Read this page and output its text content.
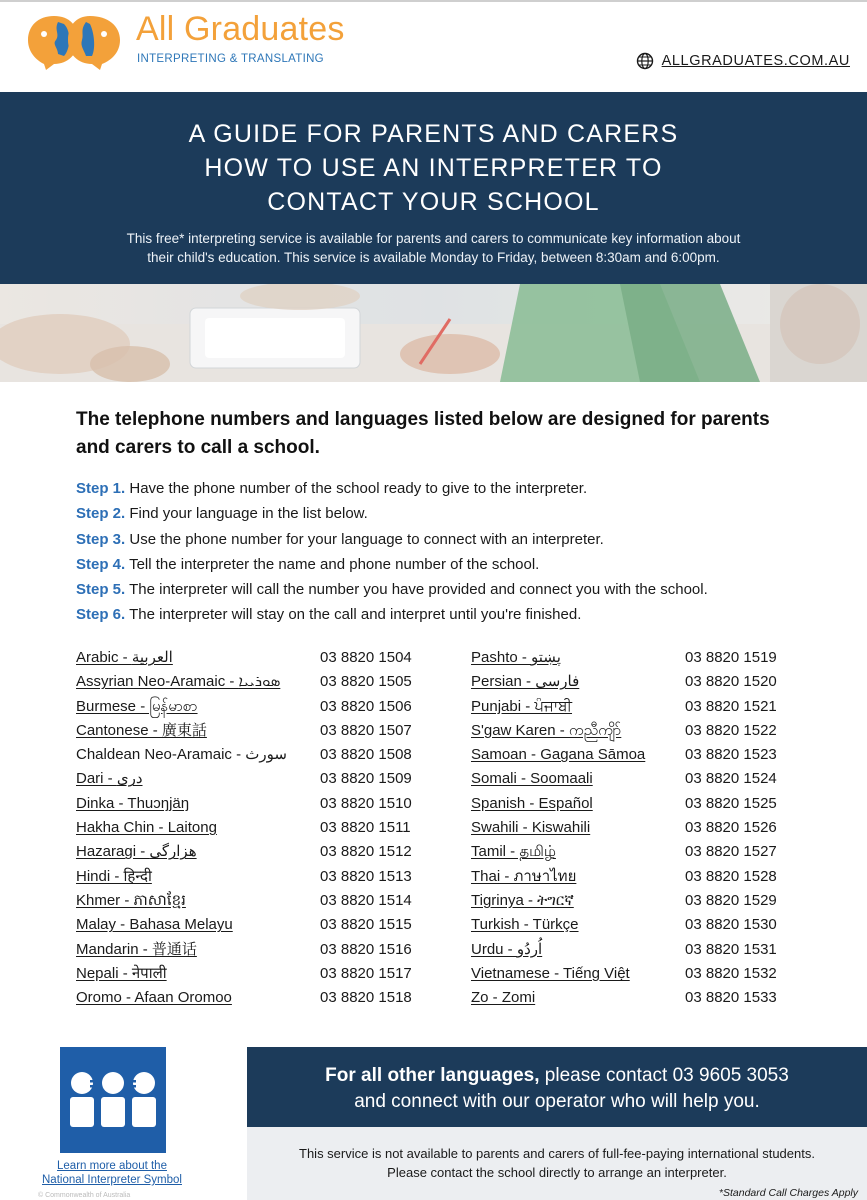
All Graduates
INTERPRETING & TRANSLATING	ALLGRADUATES.COM.AU
A GUIDE FOR PARENTS AND CARERS
HOW TO USE AN INTERPRETER TO
CONTACT YOUR SCHOOL
This free* interpreting service is available for parents and carers to communicate key information about
their child's education. This service is available Monday to Friday, between 8:30am and 6:00pm.
The telephone numbers and languages listed below are designed for parents and carers to call a school.
Step 1. Have the phone number of the school ready to give to the interpreter.
Step 2. Find your language in the list below.
Step 3. Use the phone number for your language to connect with an interpreter.
Step 4. Tell the interpreter the name and phone number of the school.
Step 5. The interpreter will call the number you have provided and connect you with the school.
Step 6. The interpreter will stay on the call and interpret until you're finished.
Arabic - العربية
Assyrian Neo-Aramaic - ܣܘܪܝܝܐ
Burmese - မြန်မာစာ
Cantonese - 廣東話
Chaldean Neo-Aramaic - سورث
Dari - دری
Dinka - Thuɔŋjäŋ
Hakha Chin - Laitong
Hazaragi - هزارگی
Hindi - हिन्दी
Khmer - ភាសាខ្មែរ
Malay - Bahasa Melayu
Mandarin - 普通话
Nepali - नेपाली
Oromo - Afaan Oromoo
03 8820 1504
03 8820 1505
03 8820 1506
03 8820 1507
03 8820 1508
03 8820 1509
03 8820 1510
03 8820 1511
03 8820 1512
03 8820 1513
03 8820 1514
03 8820 1515
03 8820 1516
03 8820 1517
03 8820 1518
Pashto - پښتو
Persian - فارسی
Punjabi - ਪੰਜਾਬੀ
S'gaw Karen - ကညီကျိာ်
Samoan - Gagana Sāmoa
Somali - Soomaali
Spanish - Español
Swahili - Kiswahili
Tamil - தமிழ்
Thai - ภาษาไทย
Tigrinya - ትግርኛ
Turkish - Türkçe
Urdu - اُردُو
Vietnamese - Tiếng Việt
Zo - Zomi
03 8820 1519
03 8820 1520
03 8820 1521
03 8820 1522
03 8820 1523
03 8820 1524
03 8820 1525
03 8820 1526
03 8820 1527
03 8820 1528
03 8820 1529
03 8820 1530
03 8820 1531
03 8820 1532
03 8820 1533
Learn more about the
National Interpreter Symbol
© Commonwealth of Australia
For all other languages, please contact 03 9605 3053
and connect with our operator who will help you.
This service is not available to parents and carers of full-fee-paying international students.
Please contact the school directly to arrange an interpreter.
*Standard Call Charges Apply
